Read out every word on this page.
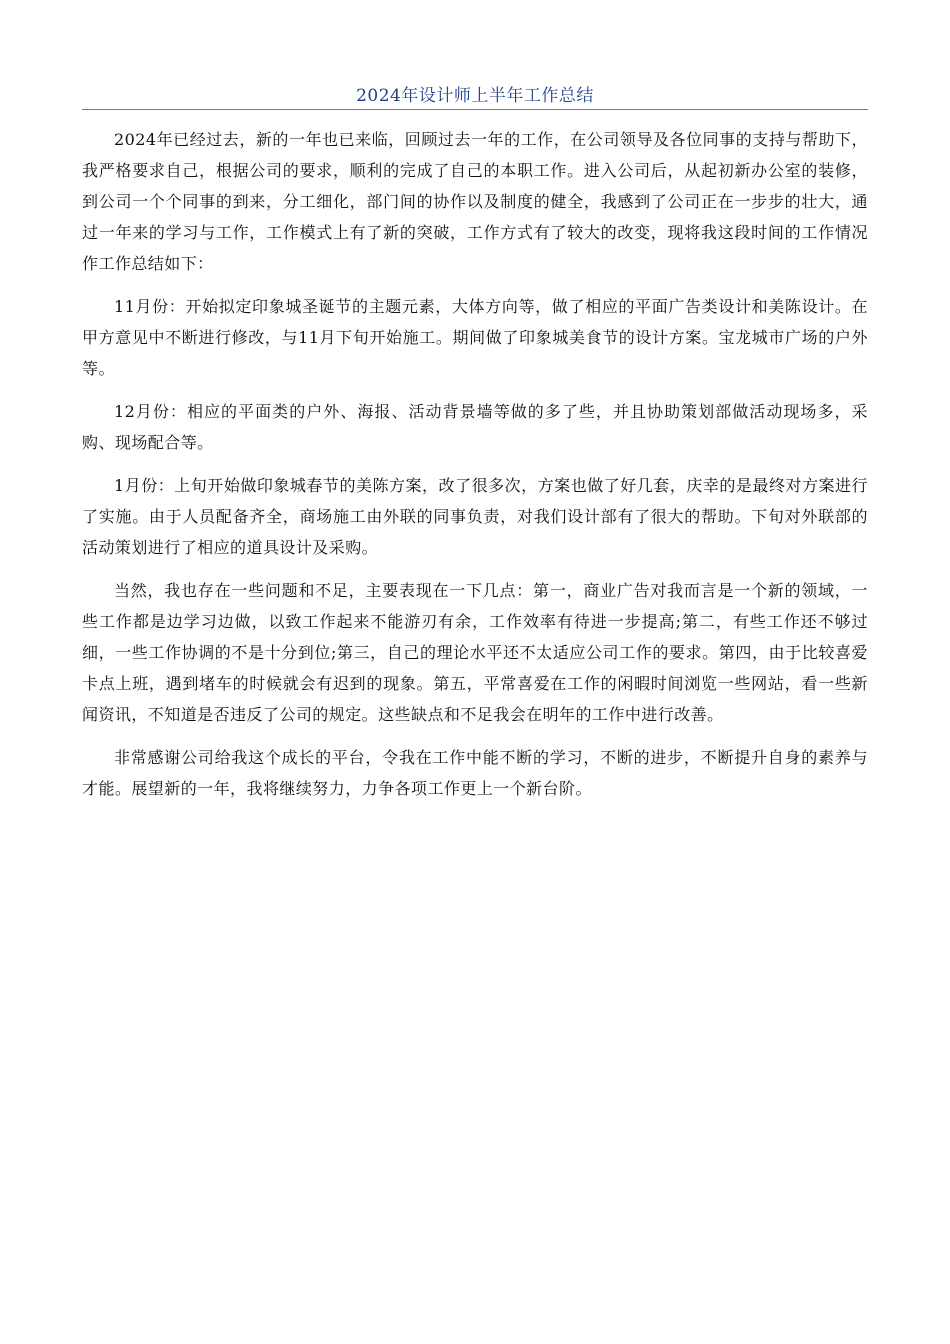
2024年设计师上半年工作总结

2024年已经过去，新的一年也已来临，回顾过去一年的工作，在公司领导及各位同事的支持与帮助下，我严格要求自己，根据公司的要求，顺利的完成了自己的本职工作。进入公司后，从起初新办公室的装修，到公司一个个同事的到来，分工细化，部门间的协作以及制度的健全，我感到了公司正在一步步的壮大，通过一年来的学习与工作，工作模式上有了新的突破，工作方式有了较大的改变，现将我这段时间的工作情况作工作总结如下：

11月份：开始拟定印象城圣诞节的主题元素，大体方向等，做了相应的平面广告类设计和美陈设计。在甲方意见中不断进行修改，与11月下旬开始施工。期间做了印象城美食节的设计方案。宝龙城市广场的户外等。

12月份：相应的平面类的户外、海报、活动背景墙等做的多了些，并且协助策划部做活动现场多，采购、现场配合等。

1月份：上旬开始做印象城春节的美陈方案，改了很多次，方案也做了好几套，庆幸的是最终对方案进行了实施。由于人员配备齐全，商场施工由外联的同事负责，对我们设计部有了很大的帮助。下旬对外联部的活动策划进行了相应的道具设计及采购。

当然，我也存在一些问题和不足，主要表现在一下几点：第一，商业广告对我而言是一个新的领域，一些工作都是边学习边做，以致工作起来不能游刃有余，工作效率有待进一步提高;第二，有些工作还不够过细，一些工作协调的不是十分到位;第三，自己的理论水平还不太适应公司工作的要求。第四，由于比较喜爱卡点上班，遇到堵车的时候就会有迟到的现象。第五，平常喜爱在工作的闲暇时间浏览一些网站，看一些新闻资讯，不知道是否违反了公司的规定。这些缺点和不足我会在明年的工作中进行改善。

非常感谢公司给我这个成长的平台，令我在工作中能不断的学习，不断的进步，不断提升自身的素养与才能。展望新的一年，我将继续努力，力争各项工作更上一个新台阶。
